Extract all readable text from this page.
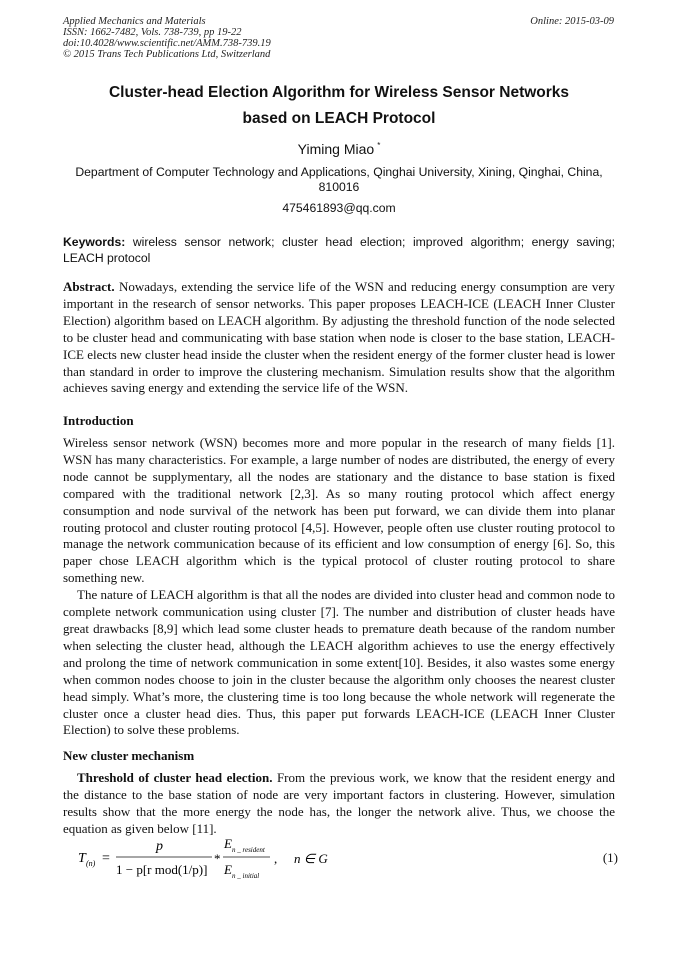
Applied Mechanics and Materials
ISSN: 1662-7482, Vols. 738-739, pp 19-22
doi:10.4028/www.scientific.net/AMM.738-739.19
© 2015 Trans Tech Publications Ltd, Switzerland
Online: 2015-03-09
Cluster-head Election Algorithm for Wireless Sensor Networks
based on LEACH Protocol
Yiming Miao *
Department of Computer Technology and Applications, Qinghai University, Xining, Qinghai, China, 810016
475461893@qq.com
Keywords: wireless sensor network; cluster head election; improved algorithm; energy saving; LEACH protocol
Abstract. Nowadays, extending the service life of the WSN and reducing energy consumption are very important in the research of sensor networks. This paper proposes LEACH-ICE (LEACH Inner Cluster Election) algorithm based on LEACH algorithm. By adjusting the threshold function of the node selected to be cluster head and communicating with base station when node is closer to the base station, LEACH-ICE elects new cluster head inside the cluster when the resident energy of the former cluster head is lower than standard in order to improve the clustering mechanism. Simulation results show that the algorithm achieves saving energy and extending the service life of the WSN.
Introduction

Wireless sensor network (WSN) becomes more and more popular in the research of many fields [1]. WSN has many characteristics. For example, a large number of nodes are distributed, the energy of every node cannot be supplymentary, all the nodes are stationary and the distance to base station is fixed compared with the traditional network [2,3]. As so many routing protocol which affect energy consumption and node survival of the network has been put forward, we can divide them into planar routing protocol and cluster routing protocol [4,5]. However, people often use cluster routing protocol to manage the network communication because of its efficient and low consumption of energy [6]. So, this paper chose LEACH algorithm which is the typical protocol of cluster routing protocol to share something new.

The nature of LEACH algorithm is that all the nodes are divided into cluster head and common node to complete network communication using cluster [7]. The number and distribution of cluster heads have great drawbacks [8,9] which lead some cluster heads to premature death because of the random number when selecting the cluster head, although the LEACH algorithm achieves to use the energy effectively and prolong the time of network communication in some extent[10]. Besides, it also wastes some energy when common nodes choose to join in the cluster because the algorithm only chooses the nearest cluster head simply. What’s more, the clustering time is too long because the whole network will regenerate the cluster once a cluster head dies. Thus, this paper put forwards LEACH-ICE (LEACH Inner Cluster Election) to solve these problems.

New cluster mechanism
Threshold of cluster head election. From the previous work, we know that the resident energy and the distance to the base station of node are very important factors in clustering. However, simulation results show that the more energy the node has, the longer the network alive. Thus, we choose the equation as given below [11].
T (n) =
p
1 − p[r mod(1/p)]
*
E n _ resident
E n _ initial
, n ∈ G	(1)
